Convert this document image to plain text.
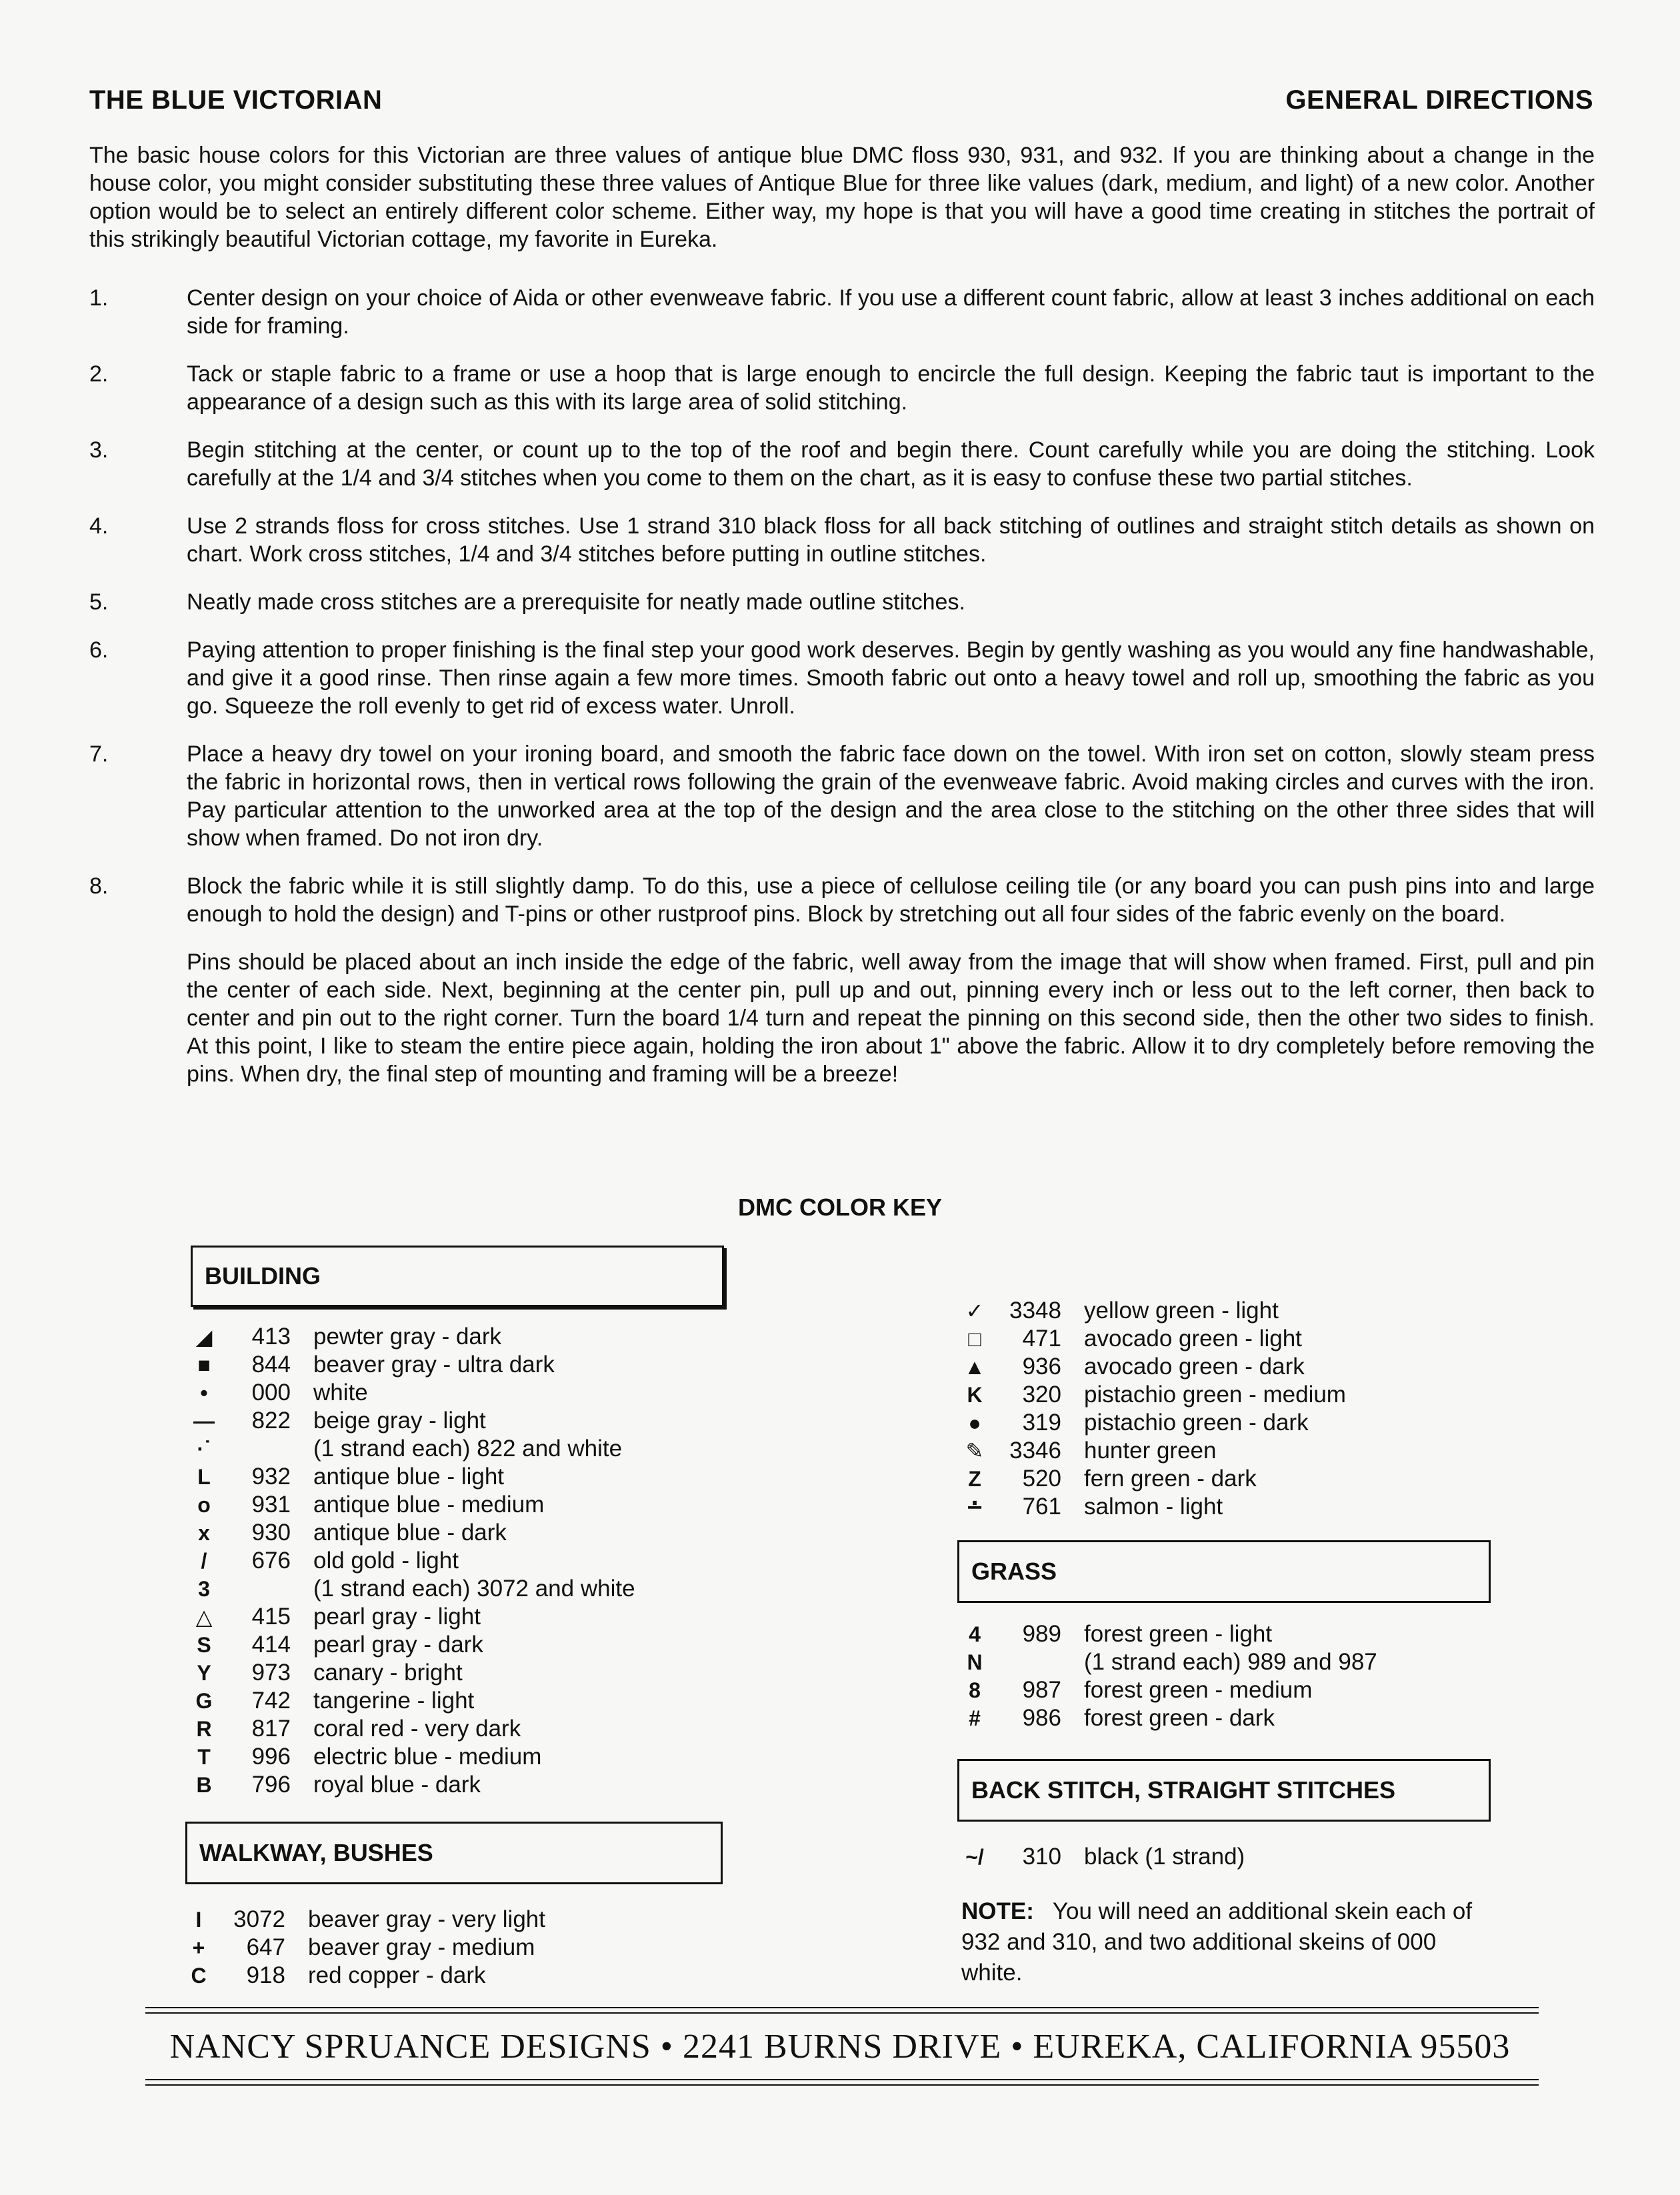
THE BLUE VICTORIAN	GENERAL DIRECTIONS
The basic house colors for this Victorian are three values of antique blue DMC floss 930, 931, and 932. If you are thinking about a change in the house color, you might consider substituting these three values of Antique Blue for three like values (dark, medium, and light) of a new color. Another option would be to select an entirely different color scheme. Either way, my hope is that you will have a good time creating in stitches the portrait of this strikingly beautiful Victorian cottage, my favorite in Eureka.
1.	Center design on your choice of Aida or other evenweave fabric. If you use a different count fabric, allow at least 3 inches additional on each side for framing.
2.	Tack or staple fabric to a frame or use a hoop that is large enough to encircle the full design. Keeping the fabric taut is important to the appearance of a design such as this with its large area of solid stitching.
3.	Begin stitching at the center, or count up to the top of the roof and begin there. Count carefully while you are doing the stitching. Look carefully at the 1/4 and 3/4 stitches when you come to them on the chart, as it is easy to confuse these two partial stitches.
4.	Use 2 strands floss for cross stitches. Use 1 strand 310 black floss for all back stitching of outlines and straight stitch details as shown on chart. Work cross stitches, 1/4 and 3/4 stitches before putting in outline stitches.
5.	Neatly made cross stitches are a prerequisite for neatly made outline stitches.
6.	Paying attention to proper finishing is the final step your good work deserves. Begin by gently washing as you would any fine handwashable, and give it a good rinse. Then rinse again a few more times. Smooth fabric out onto a heavy towel and roll up, smoothing the fabric as you go. Squeeze the roll evenly to get rid of excess water. Unroll.
7.	Place a heavy dry towel on your ironing board, and smooth the fabric face down on the towel. With iron set on cotton, slowly steam press the fabric in horizontal rows, then in vertical rows following the grain of the evenweave fabric. Avoid making circles and curves with the iron. Pay particular attention to the unworked area at the top of the design and the area close to the stitching on the other three sides that will show when framed. Do not iron dry.
8.	Block the fabric while it is still slightly damp. To do this, use a piece of cellulose ceiling tile (or any board you can push pins into and large enough to hold the design) and T-pins or other rustproof pins. Block by stretching out all four sides of the fabric evenly on the board.
Pins should be placed about an inch inside the edge of the fabric, well away from the image that will show when framed. First, pull and pin the center of each side. Next, beginning at the center pin, pull up and out, pinning every inch or less out to the left corner, then back to center and pin out to the right corner. Turn the board 1/4 turn and repeat the pinning on this second side, then the other two sides to finish. At this point, I like to steam the entire piece again, holding the iron about 1" above the fabric. Allow it to dry completely before removing the pins. When dry, the final step of mounting and framing will be a breeze!
DMC COLOR KEY
BUILDING
◢	413 pewter gray - dark
■	844 beaver gray - ultra dark
•	000 white
—	822 beige gray - light
·˙	(1 strand each) 822 and white
L	932 antique blue - light
o	931 antique blue - medium
x	930 antique blue - dark
/	676 old gold - light
3	(1 strand each) 3072 and white
△	415 pearl gray - light
S	414 pearl gray - dark
Y	973 canary - bright
G	742 tangerine - light
R	817 coral red - very dark
T	996 electric blue - medium
B	796 royal blue - dark
WALKWAY, BUSHES
I	3072 beaver gray - very light
+	647 beaver gray - medium
C	918 red copper - dark
✓	3348 yellow green - light
□	471 avocado green - light
▲	936 avocado green - dark
K	320 pistachio green - medium
●	319 pistachio green - dark
✎	3346 hunter green
Z	520 fern green - dark
∸	761 salmon - light
GRASS
4	989 forest green - light
N	(1 strand each) 989 and 987
8	987 forest green - medium
#	986 forest green - dark
BACK STITCH, STRAIGHT STITCHES
~/	310 black (1 strand)
NOTE: You will need an additional skein each of 932 and 310, and two additional skeins of 000 white.
NANCY SPRUANCE DESIGNS • 2241 BURNS DRIVE • EUREKA, CALIFORNIA 95503
